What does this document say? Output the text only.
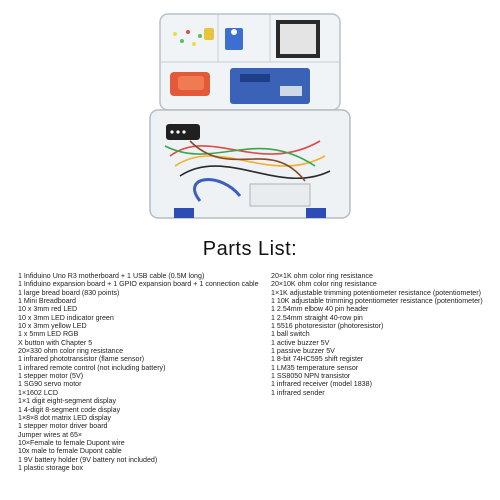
Parts List:
1 Infiduino Uno R3 motherboard + 1 USB cable (0.5M long)
1 Infiduino expansion board + 1 GPIO expansion board + 1 connection cable
1 large bread board (830 points)
1 Mini Breadboard
10 x 3mm red LED
10 x 3mm LED indicator green
10 x 3mm yellow LED
1 x 5mm LED RGB
X button with Chapter 5
20×330 ohm color ring resistance
1 infrared phototransistor (flame sensor)
1 infrared remote control (not including battery)
1 stepper motor (5V)
1 SG90 servo motor
1×1602 LCD
1×1 digit eight-segment display
1 4-digit 8-segment code display
1×8×8 dot matrix LED display
1 stepper motor driver board
Jumper wires at 65×
10×Female to female Dupont wire
10x male to female Dupont cable
1 9V battery holder (9V battery not included)
1 plastic storage box
20×1K ohm color ring resistance
20×10K ohm color ring resistance
1×1K adjustable trimming potentiometer resistance (potentiometer)
1 10K adjustable trimming potentiometer resistance (potentiometer)
1 2.54mm elbow 40 pin header
1 2.54mm straight 40-row pin
1 5516 photoresistor (photoresistor)
1 ball switch
1 active buzzer 5V
1 passive buzzer 5V
1 8-bit 74HC595 shift register
1 LM35 temperature sensor
1 SS8050 NPN transistor
1 infrared receiver (model 1838)
1 infrared sender
